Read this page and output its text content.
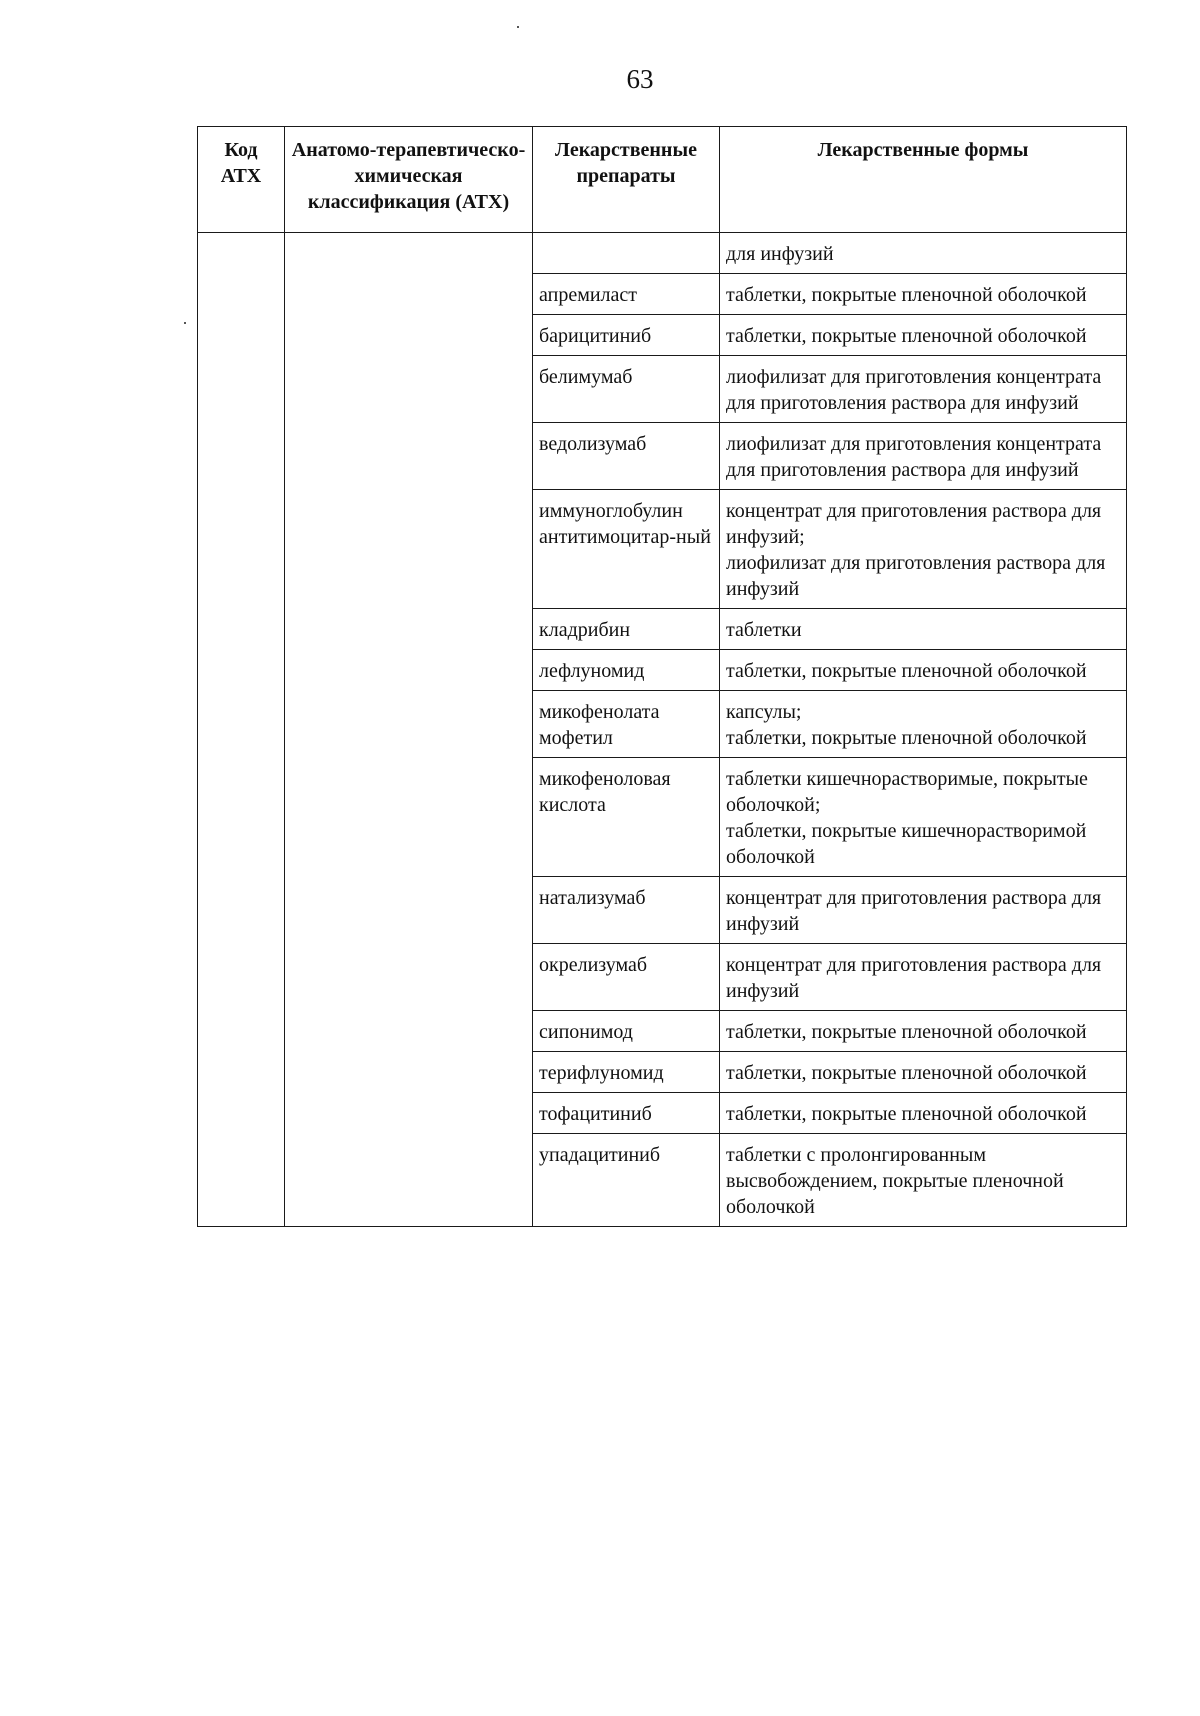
63
Код АТХ	Анатомо-терапевтическо-химическая классификация (АТХ)	Лекарственные препараты	Лекарственные формы

			для инфузий

		апремиласт	таблетки, покрытые пленочной оболочкой

		барицитиниб	таблетки, покрытые пленочной оболочкой

		белимумаб	лиофилизат для приготовления концентрата для приготовления раствора для инфузий

		ведолизумаб	лиофилизат для приготовления концентрата для приготовления раствора для инфузий

		иммуноглобулин антитимоцитар-ный	концентрат для приготовления раствора для инфузий;
лиофилизат для приготовления раствора для инфузий

		кладрибин	таблетки

		лефлуномид	таблетки, покрытые пленочной оболочкой

		микофенолата мофетил	капсулы;
таблетки, покрытые пленочной оболочкой

		микофеноловая кислота	таблетки кишечнорастворимые, покрытые оболочкой;
таблетки, покрытые кишечнорастворимой оболочкой

		натализумаб	концентрат для приготовления раствора для инфузий

		окрелизумаб	концентрат для приготовления раствора для инфузий

		сипонимод	таблетки, покрытые пленочной оболочкой

		терифлуномид	таблетки, покрытые пленочной оболочкой

		тофацитиниб	таблетки, покрытые пленочной оболочкой

		упадацитиниб	таблетки с пролонгированным высвобождением, покрытые пленочной оболочкой
